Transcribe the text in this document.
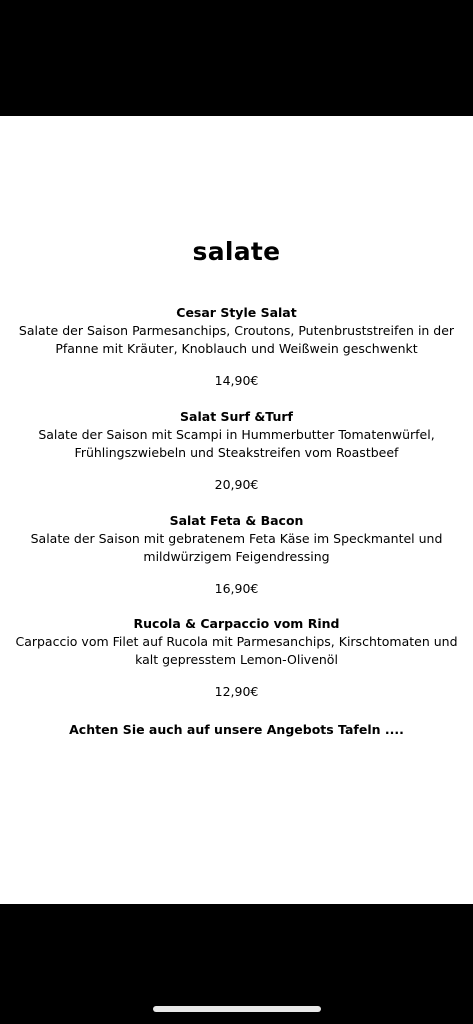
salate
Cesar Style Salat
Salate der Saison Parmesanchips, Croutons, Putenbruststreifen in der
Pfanne mit Kräuter, Knoblauch und Weißwein geschwenkt
14,90€
Salat Surf &Turf
Salate der Saison mit Scampi in Hummerbutter Tomatenwürfel,
Frühlingszwiebeln und Steakstreifen vom Roastbeef
20,90€
Salat Feta & Bacon
Salate der Saison mit gebratenem Feta Käse im Speckmantel und
mildwürzigem Feigendressing
16,90€
Rucola & Carpaccio vom Rind
Carpaccio vom Filet auf Rucola mit Parmesanchips, Kirschtomaten und
kalt gepresstem Lemon-Olivenöl
12,90€
Achten Sie auch auf unsere Angebots Tafeln ....
